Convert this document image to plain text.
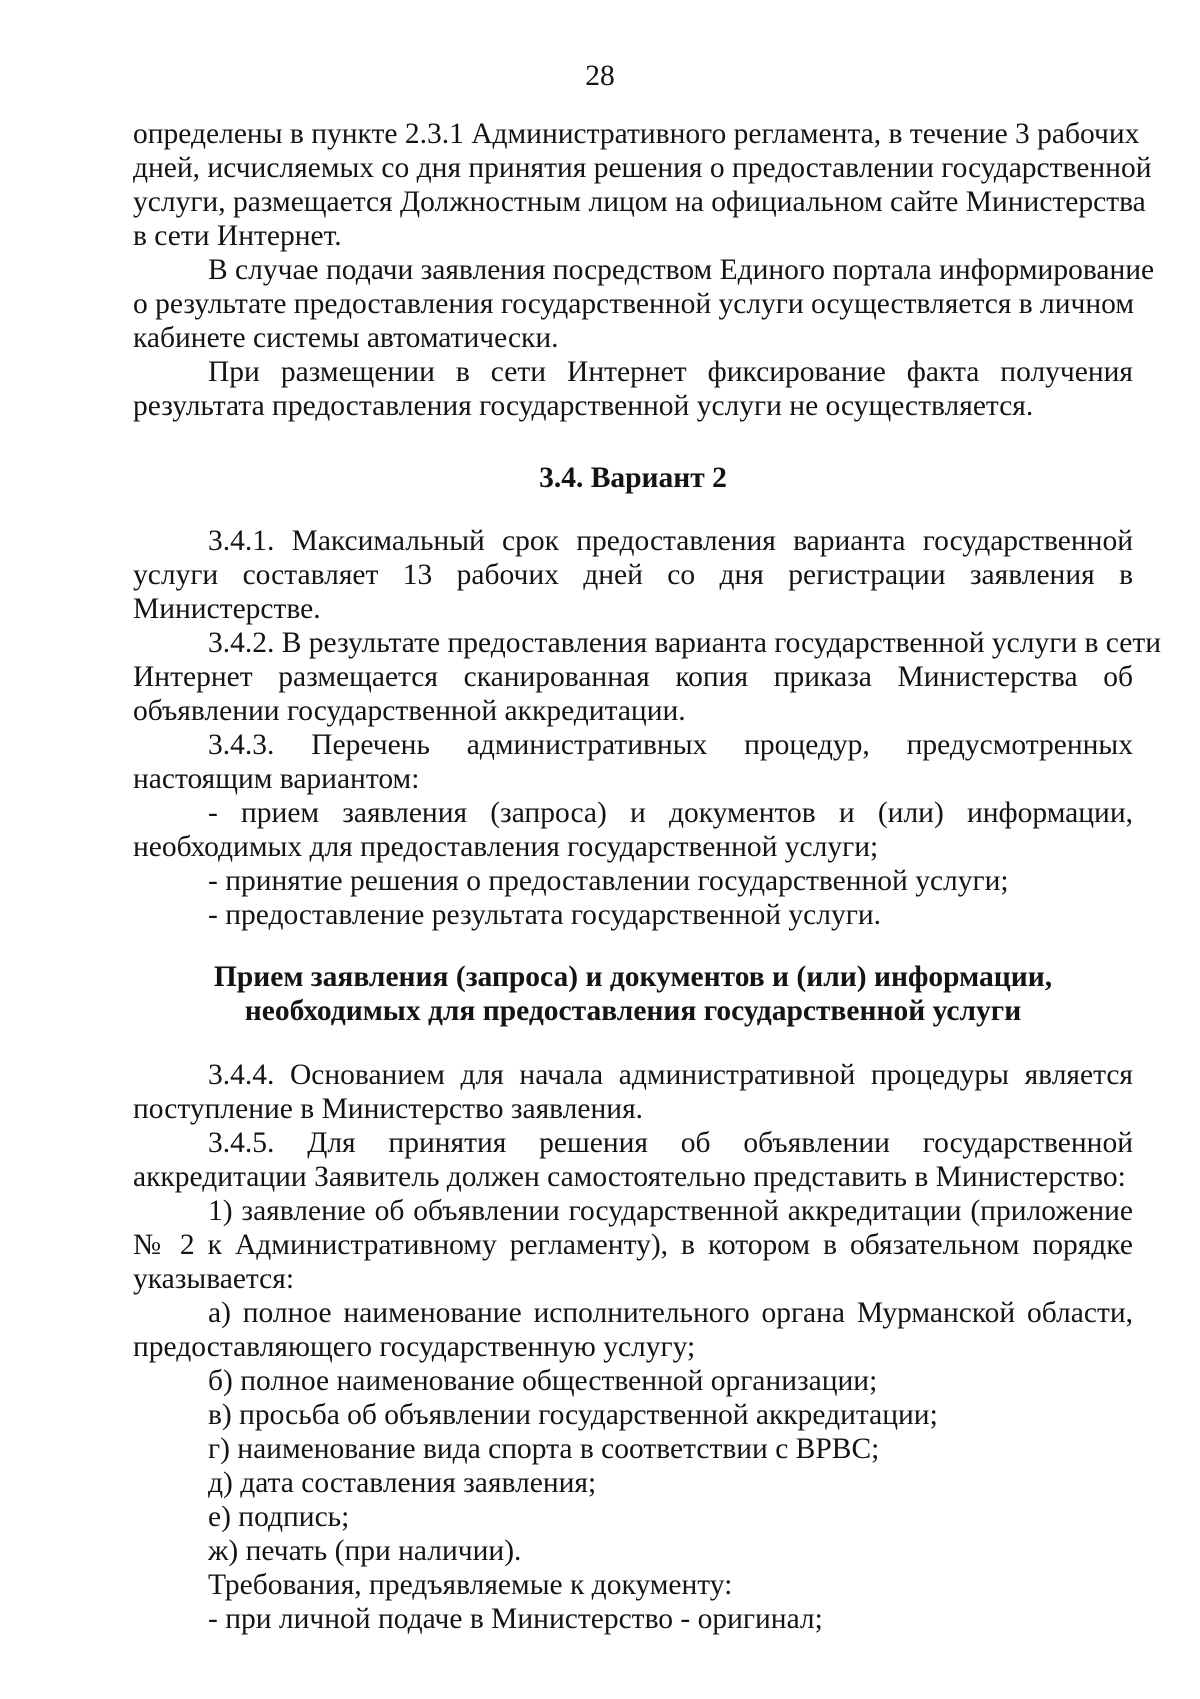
28
определены в пункте 2.3.1 Административного регламента, в течение 3 рабочих
дней, исчисляемых со дня принятия решения о предоставлении государственной
услуги, размещается Должностным лицом на официальном сайте Министерства
в сети Интернет.
В случае подачи заявления посредством Единого портала информирование
о результате предоставления государственной услуги осуществляется в личном
кабинете системы автоматически.
При размещении в сети Интернет фиксирование факта получения
результата предоставления государственной услуги не осуществляется.
3.4. Вариант 2
3.4.1. Максимальный срок предоставления варианта государственной
услуги составляет 13 рабочих дней со дня регистрации заявления в
Министерстве.
3.4.2. В результате предоставления варианта государственной услуги в сети
Интернет размещается сканированная копия приказа Министерства об
объявлении государственной аккредитации.
3.4.3. Перечень административных процедур, предусмотренных
настоящим вариантом:
- прием заявления (запроса) и документов и (или) информации,
необходимых для предоставления государственной услуги;
- принятие решения о предоставлении государственной услуги;
- предоставление результата государственной услуги.
Прием заявления (запроса) и документов и (или) информации,
необходимых для предоставления государственной услуги
3.4.4. Основанием для начала административной процедуры является
поступление в Министерство заявления.
3.4.5. Для принятия решения об объявлении государственной
аккредитации Заявитель должен самостоятельно представить в Министерство:
1) заявление об объявлении государственной аккредитации (приложение
№ 2 к Административному регламенту), в котором в обязательном порядке
указывается:
а) полное наименование исполнительного органа Мурманской области,
предоставляющего государственную услугу;
б) полное наименование общественной организации;
в) просьба об объявлении государственной аккредитации;
г) наименование вида спорта в соответствии с ВРВС;
д) дата составления заявления;
е) подпись;
ж) печать (при наличии).
Требования, предъявляемые к документу:
- при личной подаче в Министерство - оригинал;
